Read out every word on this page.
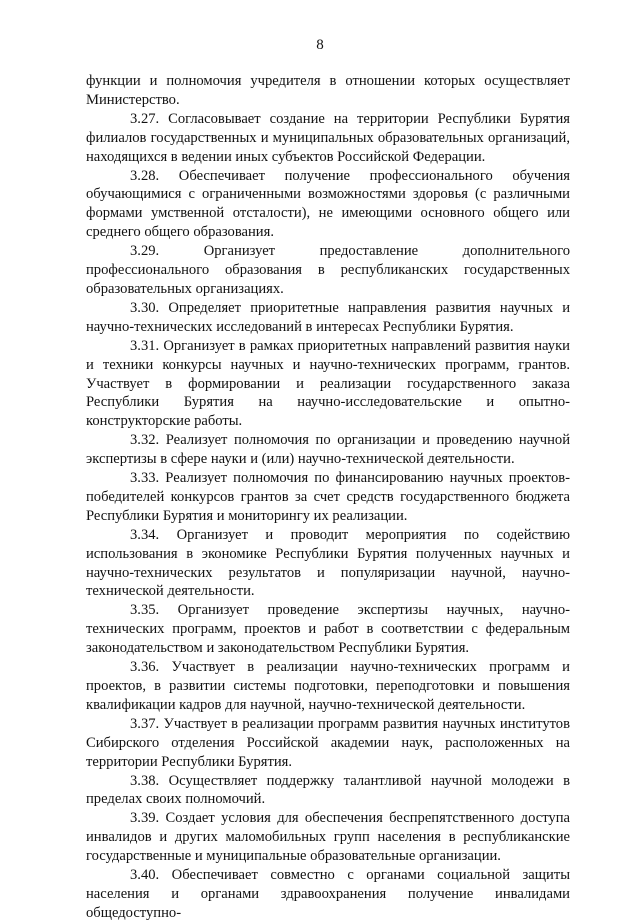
8

функции и полномочия учредителя в отношении которых осуществляет Министерство.

3.27. Согласовывает создание на территории Республики Бурятия филиалов государственных и муниципальных образовательных организаций, находящихся в ведении иных субъектов Российской Федерации.

3.28. Обеспечивает получение профессионального обучения обучающимися с ограниченными возможностями здоровья (с различными формами умственной отсталости), не имеющими основного общего или среднего общего образования.

3.29. Организует предоставление дополнительного профессионального образования в республиканских государственных образовательных организациях.

3.30. Определяет приоритетные направления развития научных и научно-технических исследований в интересах Республики Бурятия.

3.31. Организует в рамках приоритетных направлений развития науки и техники конкурсы научных и научно-технических программ, грантов. Участвует в формировании и реализации государственного заказа Республики Бурятия на научно-исследовательские и опытно-конструкторские работы.

3.32. Реализует полномочия по организации и проведению научной экспертизы в сфере науки и (или) научно-технической деятельности.

3.33. Реализует полномочия по финансированию научных проектов-победителей конкурсов грантов за счет средств государственного бюджета Республики Бурятия и мониторингу их реализации.

3.34. Организует и проводит мероприятия по содействию использования в экономике Республики Бурятия полученных научных и научно-технических результатов и популяризации научной, научно-технической деятельности.

3.35. Организует проведение экспертизы научных, научно-технических программ, проектов и работ в соответствии с федеральным законодательством и законодательством Республики Бурятия.

3.36. Участвует в реализации научно-технических программ и проектов, в развитии системы подготовки, переподготовки и повышения квалификации кадров для научной, научно-технической деятельности.

3.37. Участвует в реализации программ развития научных институтов Сибирского отделения Российской академии наук, расположенных на территории Республики Бурятия.

3.38. Осуществляет поддержку талантливой научной молодежи в пределах своих полномочий.

3.39. Создает условия для обеспечения беспрепятственного доступа инвалидов и других маломобильных групп населения в республиканские государственные и муниципальные образовательные организации.

3.40. Обеспечивает совместно с органами социальной защиты населения и органами здравоохранения получение инвалидами общедоступно-
